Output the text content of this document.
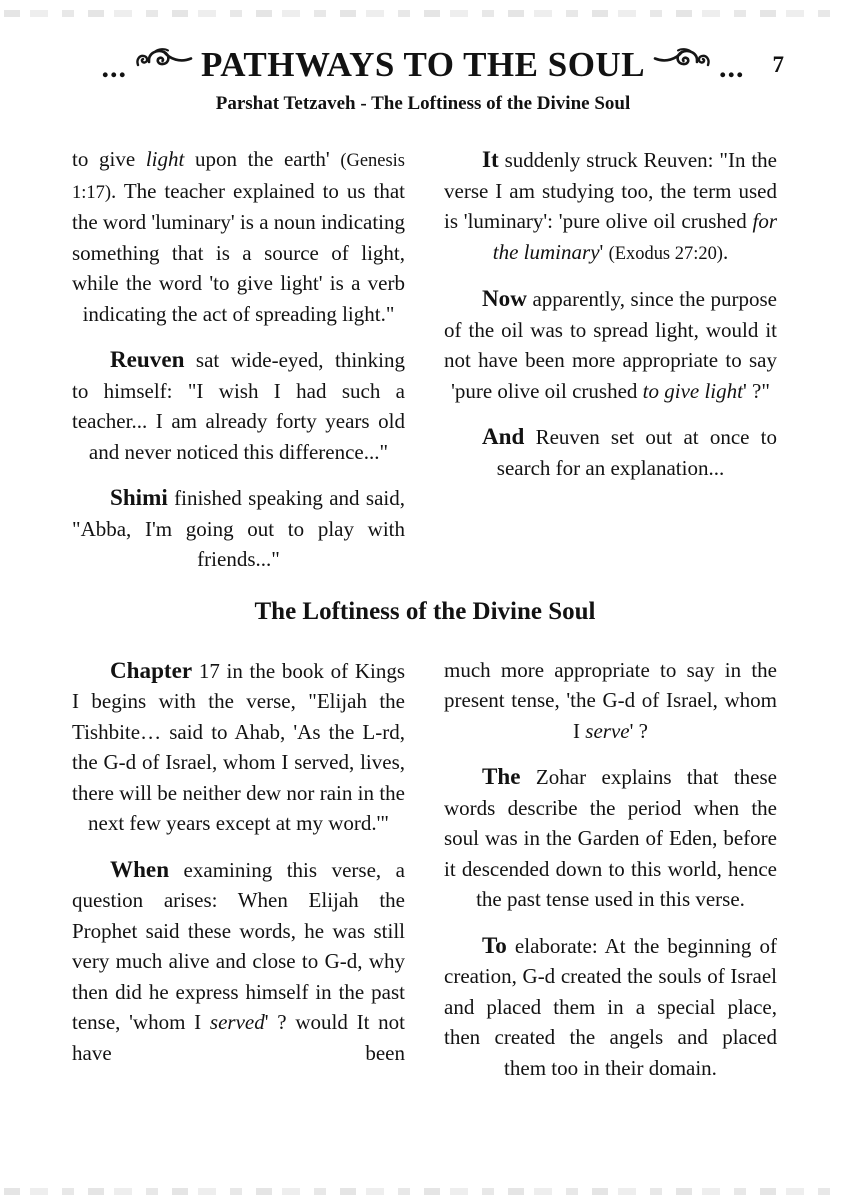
7
... PATHWAYS TO THE SOUL ...
Parshat Tetzaveh - The Loftiness of the Divine Soul

to give light upon the earth' (Genesis 1:17). The teacher explained to us that the word 'luminary' is a noun indicating something that is a source of light, while the word 'to give light' is a verb indicating the act of spreading light."

Reuven sat wide-eyed, thinking to himself: "I wish I had such a teacher... I am already forty years old and never noticed this difference..."

Shimi finished speaking and said, "Abba, I'm going out to play with friends..."

It suddenly struck Reuven: "In the verse I am studying too, the term used is 'luminary': 'pure olive oil crushed for the luminary' (Exodus 27:20).

Now apparently, since the purpose of the oil was to spread light, would it not have been more appropriate to say 'pure olive oil crushed to give light' ?"

And Reuven set out at once to search for an explanation...

The Loftiness of the Divine Soul

Chapter 17 in the book of Kings I begins with the verse, "Elijah the Tishbite… said to Ahab, 'As the L-rd, the G-d of Israel, whom I served, lives, there will be neither dew nor rain in the next few years except at my word.'"

When examining this verse, a question arises: When Elijah the Prophet said these words, he was still very much alive and close to G-d, why then did he express himself in the past tense, 'whom I served' ? would It not have been

much more appropriate to say in the present tense, 'the G-d of Israel, whom I serve' ?

The Zohar explains that these words describe the period when the soul was in the Garden of Eden, before it descended down to this world, hence the past tense used in this verse.

To elaborate: At the beginning of creation, G-d created the souls of Israel and placed them in a special place, then created the angels and placed them too in their domain.
